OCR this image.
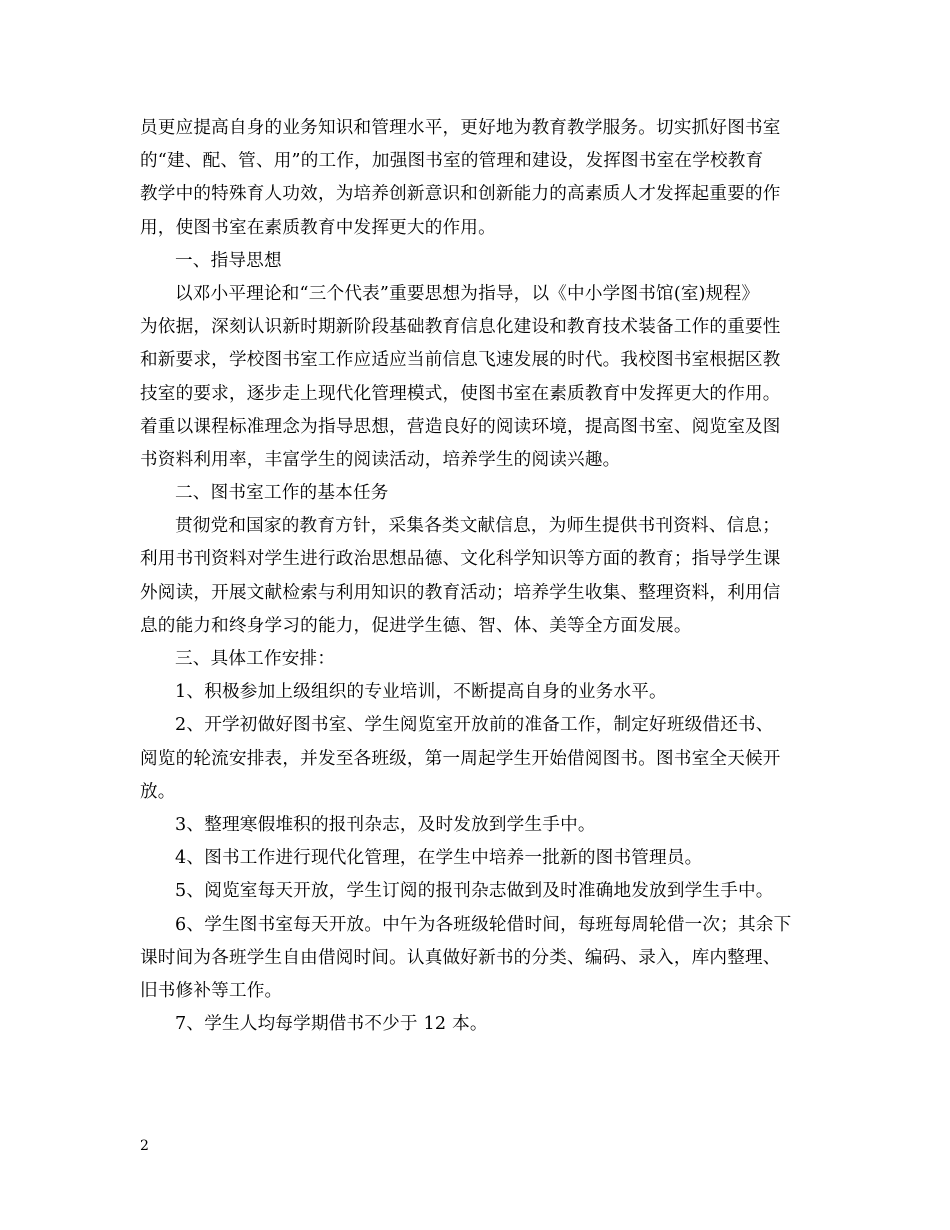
员更应提高自身的业务知识和管理水平，更好地为教育教学服务。切实抓好图书室
的“建、配、管、用”的工作，加强图书室的管理和建设，发挥图书室在学校教育
教学中的特殊育人功效，为培养创新意识和创新能力的高素质人才发挥起重要的作
用，使图书室在素质教育中发挥更大的作用。
一、指导思想
以邓小平理论和“三个代表”重要思想为指导，以《中小学图书馆(室)规程》
为依据，深刻认识新时期新阶段基础教育信息化建设和教育技术装备工作的重要性
和新要求，学校图书室工作应适应当前信息飞速发展的时代。我校图书室根据区教
技室的要求，逐步走上现代化管理模式，使图书室在素质教育中发挥更大的作用。
着重以课程标准理念为指导思想，营造良好的阅读环境，提高图书室、阅览室及图
书资料利用率，丰富学生的阅读活动，培养学生的阅读兴趣。
二、图书室工作的基本任务
贯彻党和国家的教育方针，采集各类文献信息，为师生提供书刊资料、信息；
利用书刊资料对学生进行政治思想品德、文化科学知识等方面的教育；指导学生课
外阅读，开展文献检索与利用知识的教育活动；培养学生收集、整理资料，利用信
息的能力和终身学习的能力，促进学生德、智、体、美等全方面发展。
三、具体工作安排：
1、积极参加上级组织的专业培训，不断提高自身的业务水平。
2、开学初做好图书室、学生阅览室开放前的准备工作，制定好班级借还书、
阅览的轮流安排表，并发至各班级，第一周起学生开始借阅图书。图书室全天候开
放。
3、整理寒假堆积的报刊杂志，及时发放到学生手中。
4、图书工作进行现代化管理，在学生中培养一批新的图书管理员。
5、阅览室每天开放，学生订阅的报刊杂志做到及时准确地发放到学生手中。
6、学生图书室每天开放。中午为各班级轮借时间，每班每周轮借一次；其余下
课时间为各班学生自由借阅时间。认真做好新书的分类、编码、录入，库内整理、
旧书修补等工作。
7、学生人均每学期借书不少于 12 本。
2
